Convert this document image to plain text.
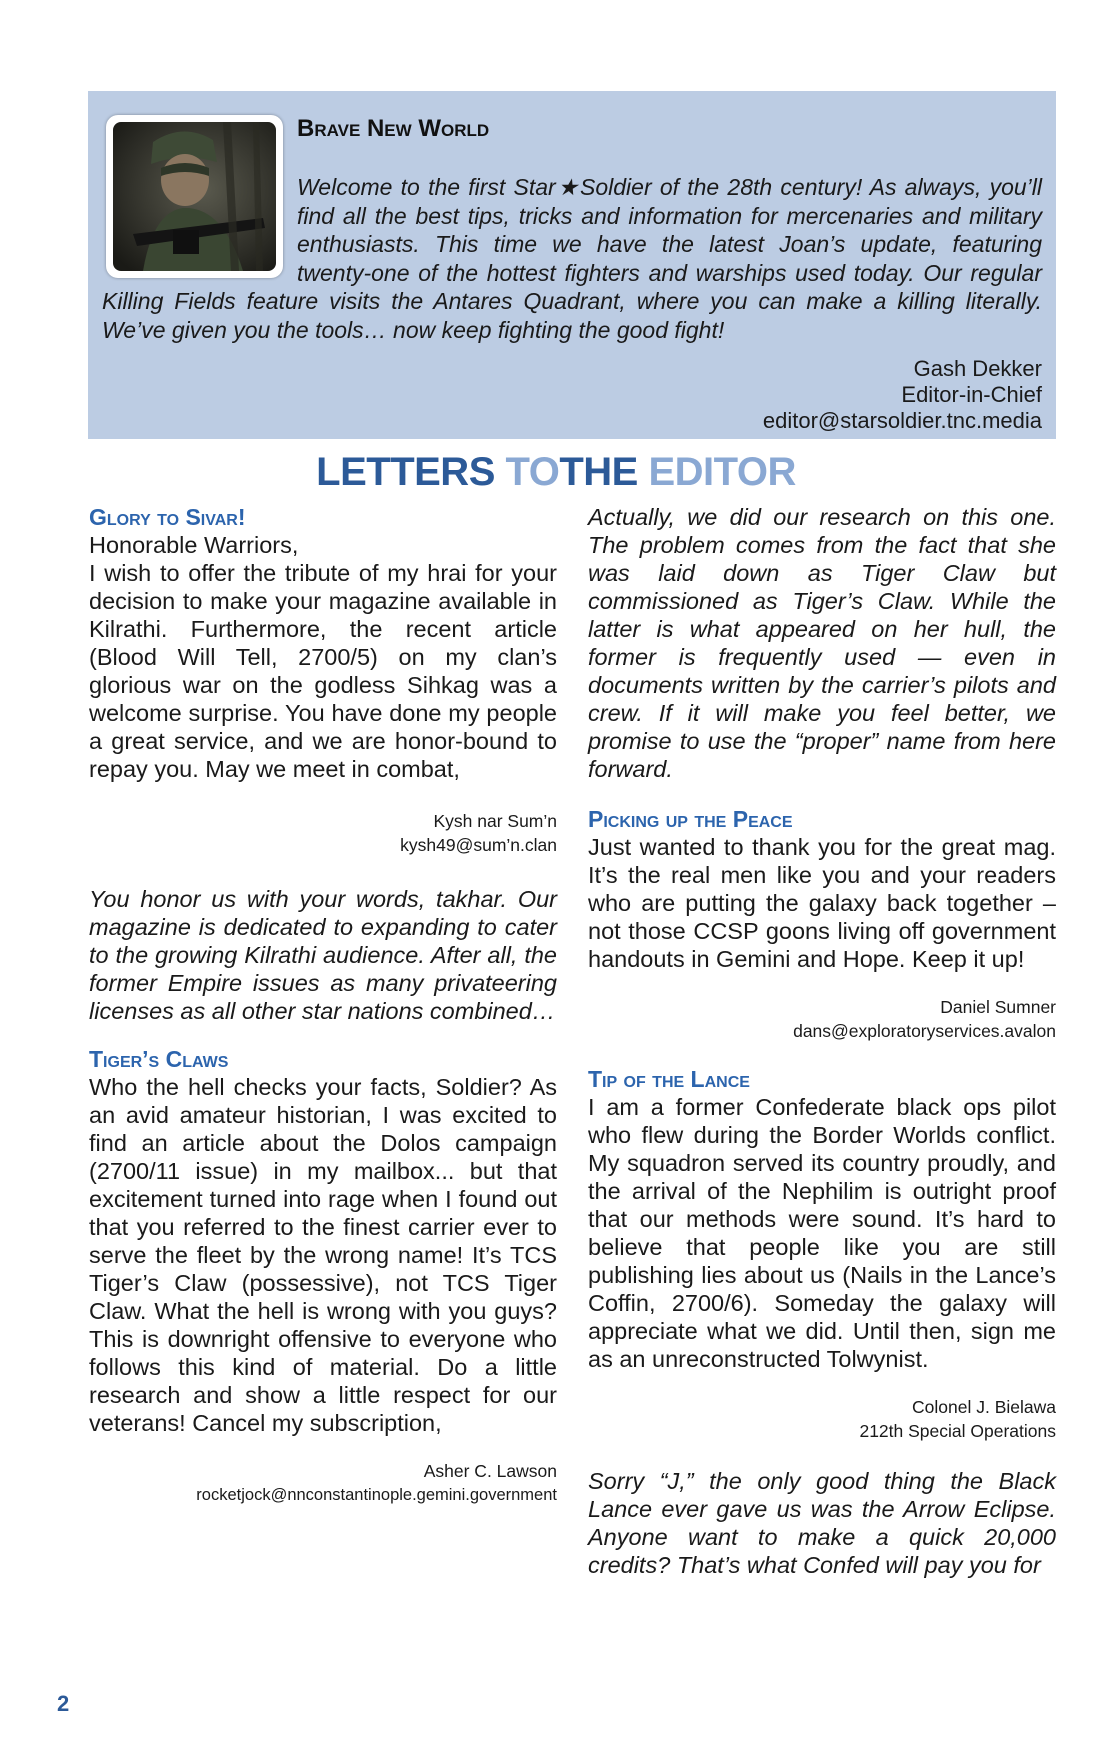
Brave New World

Welcome to the first Star★Soldier of the 28th century! As always, you’ll find all the best tips, tricks and information for mercenaries and military enthusiasts. This time we have the latest Joan’s update, featuring twenty-one of the hottest fighters and warships used today. Our regular Killing Fields feature visits the Antares Quadrant, where you can make a killing literally. We’ve given you the tools… now keep fighting the good fight!

Gash Dekker
Editor-in-Chief
editor@starsoldier.tnc.media
LETTERS TOTHE EDITOR
Glory to Sivar!

Honorable Warriors,
I wish to offer the tribute of my hrai for your decision to make your magazine available in Kilrathi. Furthermore, the recent article (Blood Will Tell, 2700/5) on my clan’s glorious war on the godless Sihkag was a welcome surprise. You have done my people a great service, and we are honor-bound to repay you. May we meet in combat,

Kysh nar Sum’n

kysh49@sum’n.clan

You honor us with your words, takhar. Our magazine is dedicated to expanding to cater to the growing Kilrathi audience. After all, the former Empire issues as many privateering licenses as all other star nations combined…

Tiger’s Claws

Who the hell checks your facts, Soldier? As an avid amateur historian, I was excited to find an article about the Dolos campaign (2700/11 issue) in my mailbox... but that excitement turned into rage when I found out that you referred to the finest carrier ever to serve the fleet by the wrong name! It’s TCS Tiger’s Claw (possessive), not TCS Tiger Claw. What the hell is wrong with you guys? This is downright offensive to everyone who follows this kind of material. Do a little research and show a little respect for our veterans! Cancel my subscription,

Asher C. Lawson

rocketjock@nnconstantinople.gemini.government

Actually, we did our research on this one. The problem comes from the fact that she was laid down as Tiger Claw but commissioned as Tiger’s Claw. While the latter is what appeared on her hull, the former is frequently used — even in documents written by the carrier’s pilots and crew. If it will make you feel better, we promise to use the “proper” name from here forward.

Picking up the Peace

Just wanted to thank you for the great mag. It’s the real men like you and your readers who are putting the galaxy back together – not those CCSP goons living off government handouts in Gemini and Hope. Keep it up!

Daniel Sumner

dans@exploratoryservices.avalon

Tip of the Lance

I am a former Confederate black ops pilot who flew during the Border Worlds conflict. My squadron served its country proudly, and the arrival of the Nephilim is outright proof that our methods were sound. It’s hard to believe that people like you are still publishing lies about us (Nails in the Lance’s Coffin, 2700/6). Someday the galaxy will appreciate what we did. Until then, sign me as an unreconstructed Tolwynist.

Colonel J. Bielawa

212th Special Operations

Sorry “J,” the only good thing the Black Lance ever gave us was the Arrow Eclipse. Anyone want to make a quick 20,000 credits? That’s what Confed will pay you for

2
